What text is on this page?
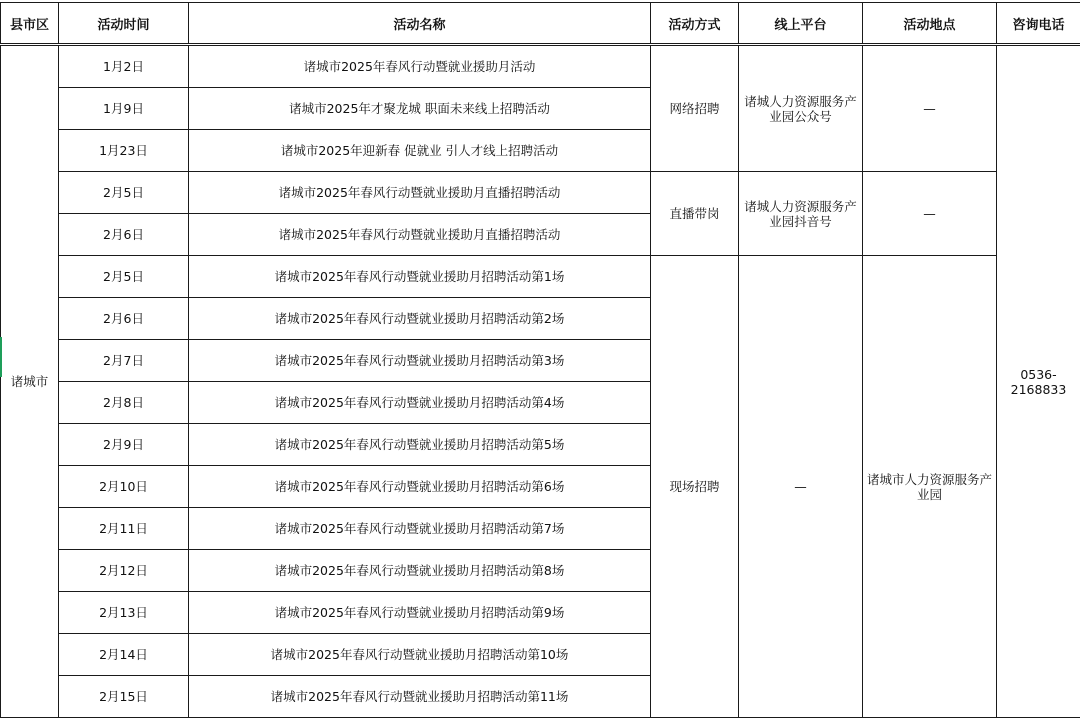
县市区	活动时间	活动名称	活动方式	线上平台	活动地点	咨询电话
诸城市	1月2日	诸城市2025年春风行动暨就业援助月活动	网络招聘	诸城人力资源服务产业园公众号	—	0536-2168833
	1月9日	诸城市2025年才聚龙城 职面未来线上招聘活动				
	1月23日	诸城市2025年迎新春 促就业 引人才线上招聘活动				
	2月5日	诸城市2025年春风行动暨就业援助月直播招聘活动	直播带岗	诸城人力资源服务产业园抖音号	—	
	2月6日	诸城市2025年春风行动暨就业援助月直播招聘活动				
	2月5日	诸城市2025年春风行动暨就业援助月招聘活动第1场	现场招聘	—	诸城市人力资源服务产业园	
	2月6日	诸城市2025年春风行动暨就业援助月招聘活动第2场				
	2月7日	诸城市2025年春风行动暨就业援助月招聘活动第3场				
	2月8日	诸城市2025年春风行动暨就业援助月招聘活动第4场				
	2月9日	诸城市2025年春风行动暨就业援助月招聘活动第5场				
	2月10日	诸城市2025年春风行动暨就业援助月招聘活动第6场				
	2月11日	诸城市2025年春风行动暨就业援助月招聘活动第7场				
	2月12日	诸城市2025年春风行动暨就业援助月招聘活动第8场				
	2月13日	诸城市2025年春风行动暨就业援助月招聘活动第9场				
	2月14日	诸城市2025年春风行动暨就业援助月招聘活动第10场				
	2月15日	诸城市2025年春风行动暨就业援助月招聘活动第11场				
